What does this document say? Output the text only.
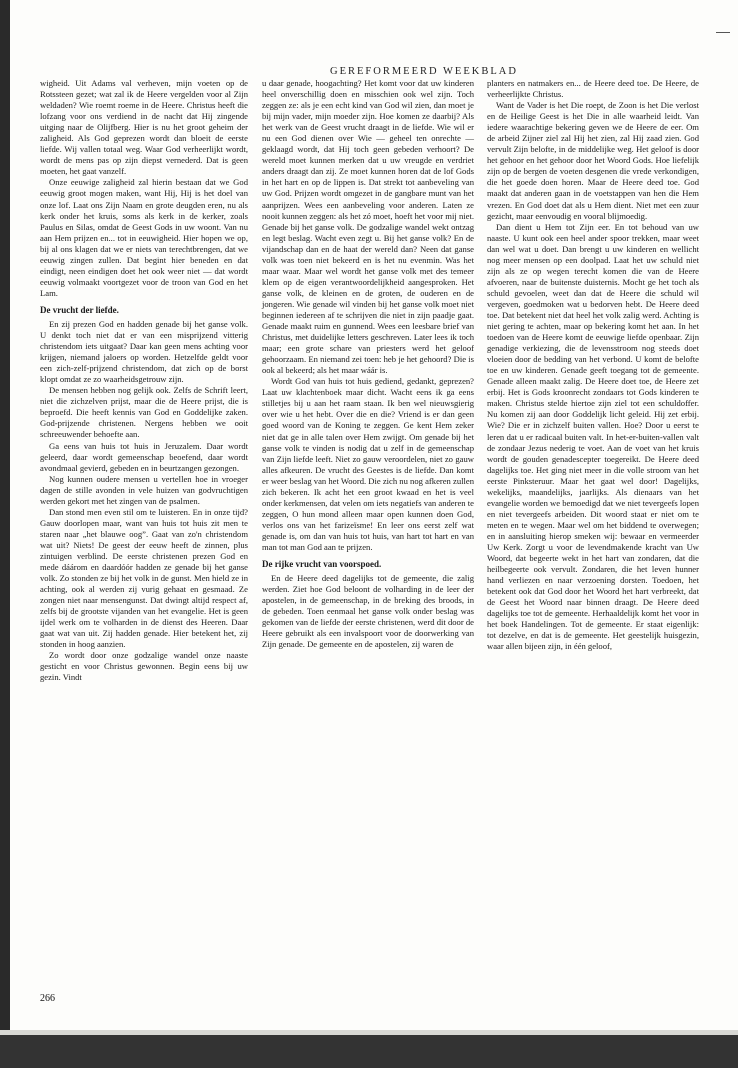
GEREFORMEERD WEEKBLAD

wigheid. Uit Adams val verheven, mijn voeten op de Rotssteen gezet; wat zal ik de Heere vergelden voor al Zijn weldaden? Wie roemt roeme in de Heere. Christus heeft die lofzang voor ons verdiend in de nacht dat Hij zingende uitging naar de Olijfberg. Hier is nu het groot geheim der zaligheid. Als God geprezen wordt dan bloeit de eerste liefde. Wij vallen totaal weg. Waar God verheerlijkt wordt, wordt de mens pas op zijn diepst vernederd. Dat is geen moeten, het gaat vanzelf.

Onze eeuwige zaligheid zal hierin bestaan dat we God eeuwig groot mogen maken, want Hij, Hij is het doel van onze lof. Laat ons Zijn Naam en grote deugden eren, nu als kerk onder het kruis, soms als kerk in de kerker, zoals Paulus en Silas, omdat de Geest Gods in uw woont. Van nu aan Hem prijzen en... tot in eeuwigheid. Hier hopen we op, bij al ons klagen dat we er niets van terechtbrengen, dat we eeuwig zingen zullen. Dat begint hier beneden en dat eindigt, neen eindigen doet het ook weer niet — dat wordt eeuwig volmaakt voortgezet voor de troon van God en het Lam.

De vrucht der liefde.

En zij prezen God en hadden genade bij het ganse volk. U denkt toch niet dat er van een misprijzend vitterig christendom iets uitgaat? Daar kan geen mens achting voor krijgen, niemand jaloers op worden. Hetzelfde geldt voor een zich-zelf-prijzend christendom, dat zich op de borst klopt omdat ze zo waarheidsgetrouw zijn.

De mensen hebben nog gelijk ook. Zelfs de Schrift leert, niet die zichzelven prijst, maar die de Heere prijst, die is beproefd. Die heeft kennis van God en Goddelijke zaken. God-prijzende christenen. Nergens hebben we ooit schreeuwender behoefte aan.

Ga eens van huis tot huis in Jeruzalem. Daar wordt geleerd, daar wordt gemeenschap beoefend, daar wordt avondmaal gevierd, gebeden en in beurtzangen gezongen.

Nog kunnen oudere mensen u vertellen hoe in vroeger dagen de stille avonden in vele huizen van godvruchtigen werden gekort met het zingen van de psalmen.

Dan stond men even stil om te luisteren. En in onze tijd? Gauw doorlopen maar, want van huis tot huis zit men te staren naar „het blauwe oog”. Gaat van zo'n christendom wat uit? Niets! De geest der eeuw heeft de zinnen, plus zintuigen verblind. De eerste christenen prezen God en mede dáárom en daardóór hadden ze genade bij het ganse volk. Zo stonden ze bij het volk in de gunst. Men hield ze in achting, ook al werden zij vurig gehaat en gesmaad. Ze zongen niet naar mensengunst. Dat dwingt altijd respect af, zelfs bij de grootste vijanden van het evangelie. Het is geen ijdel werk om te volharden in de dienst des Heeren. Daar gaat wat van uit. Zij hadden genade. Hier betekent het, zij stonden in hoog aanzien.

Zo wordt door onze godzalige wandel onze naaste gesticht en voor Christus gewonnen. Begin eens bij uw gezin. Vindt

u daar genade, hoogachting? Het komt voor dat uw kinderen heel onverschillig doen en misschien ook wel zijn. Toch zeggen ze: als je een echt kind van God wil zien, dan moet je bij mijn vader, mijn moeder zijn. Hoe komen ze daarbij? Als het werk van de Geest vrucht draagt in de liefde. Wie wil er nu een God dienen over Wie — geheel ten onrechte — geklaagd wordt, dat Hij toch geen gebeden verhoort? De wereld moet kunnen merken dat u uw vreugde en verdriet anders draagt dan zij. Ze moet kunnen horen dat de lof Gods in het hart en op de lippen is. Dat strekt tot aanbeveling van uw God. Prijzen wordt omgezet in de gangbare munt van het aanprijzen. Wees een aanbeveling voor anderen. Laten ze nooit kunnen zeggen: als het zó moet, hoeft het voor mij niet. Genade bij het ganse volk. De godzalige wandel wekt ontzag en legt beslag. Wacht even zegt u. Bij het ganse volk? En de vijandschap dan en de haat der wereld dan? Neen dat ganse volk was toen niet bekeerd en is het nu evenmin. Was het maar waar. Maar wel wordt het ganse volk met des temeer klem op de eigen verantwoordelijkheid aangesproken. Het ganse volk, de kleinen en de groten, de ouderen en de jongeren. Wie genade wil vinden bij het ganse volk moet niet beginnen iedereen af te schrijven die niet in zijn paadje gaat. Genade maakt ruim en gunnend. Wees een leesbare brief van Christus, met duidelijke letters geschreven. Later lees ik toch maar; een grote schare van priesters werd het geloof gehoorzaam. En niemand zei toen: heb je het gehoord? Die is ook al bekeerd; als het maar wáár is.

Wordt God van huis tot huis gediend, gedankt, geprezen? Laat uw klachtenboek maar dicht. Wacht eens ik ga eens stilletjes bij u aan het raam staan. Ik ben wel nieuwsgierig over wie u het hebt. Over die en die? Vriend is er dan geen goed woord van de Koning te zeggen. Ge kent Hem zeker niet dat ge in alle talen over Hem zwijgt. Om genade bij het ganse volk te vinden is nodig dat u zelf in de gemeenschap van Zijn liefde leeft. Niet zo gauw veroordelen, niet zo gauw alles afkeuren. De vrucht des Geestes is de liefde. Dan komt er weer beslag van het Woord. Die zich nu nog afkeren zullen zich bekeren. Ik acht het een groot kwaad en het is veel onder kerkmensen, dat velen om iets negatiefs van anderen te zeggen, O hun mond alleen maar open kunnen doen God, verlos ons van het farizeïsme! En leer ons eerst zelf wat genade is, om dan van huis tot huis, van hart tot hart en van man tot man God aan te prijzen.

De rijke vrucht van voorspoed.

En de Heere deed dagelijks tot de gemeente, die zalig werden. Ziet hoe God beloont de volharding in de leer der apostelen, in de gemeenschap, in de breking des broods, in de gebeden. Toen eenmaal het ganse volk onder beslag was gekomen van de liefde der eerste christenen, werd dit door de Heere gebruikt als een invalspoort voor de doorwerking van Zijn genade. De gemeente en de apostelen, zij waren de

planters en natmakers en... de Heere deed toe. De Heere, de verheerlijkte Christus.

Want de Vader is het Die roept, de Zoon is het Die verlost en de Heilige Geest is het Die in alle waarheid leidt. Van iedere waarachtige bekering geven we de Heere de eer. Om de arbeid Zijner ziel zal Hij het zien, zal Hij zaad zien. God vervult Zijn belofte, in de middelijke weg. Het geloof is door het gehoor en het gehoor door het Woord Gods. Hoe liefelijk zijn op de bergen de voeten desgenen die vrede verkondigen, die het goede doen horen. Maar de Heere deed toe. God maakt dat anderen gaan in de voetstappen van hen die Hem vrezen. En God doet dat als u Hem dient. Niet met een zuur gezicht, maar eenvoudig en vooral blijmoedig.

Dan dient u Hem tot Zijn eer. En tot behoud van uw naaste. U kunt ook een heel ander spoor trekken, maar weet dan wel wat u doet. Dan brengt u uw kinderen en wellicht nog meer mensen op een doolpad. Laat het uw schuld niet zijn als ze op wegen terecht komen die van de Heere afvoeren, naar de buitenste duisternis. Mocht ge het toch als schuld gevoelen, weet dan dat de Heere die schuld wil vergeven, goedmoken wat u bedorven hebt. De Heere deed toe. Dat betekent niet dat heel het volk zalig werd. Achting is niet gering te achten, maar op bekering komt het aan. In het toedoen van de Heere komt de eeuwige liefde openbaar. Zijn genadige verkiezing, die de levensstroom nog steeds doet vloeien door de bedding van het verbond. U komt de belofte toe en uw kinderen. Genade geeft toegang tot de gemeente. Genade alleen maakt zalig. De Heere doet toe, de Heere zet erbij. Het is Gods kroonrecht zondaars tot Gods kinderen te maken. Christus stelde hiertoe zijn ziel tot een schuldoffer. Nu komen zij aan door Goddelijk licht geleid. Hij zet erbij. Wie? Die er in zichzelf buiten vallen. Hoe? Door u eerst te leren dat u er radicaal buiten valt. In het-er-buiten-vallen valt de zondaar Jezus nederig te voet. Aan de voet van het kruis wordt de gouden genadescepter toegereikt. De Heere deed dagelijks toe. Het ging niet meer in die volle stroom van het eerste Pinksteruur. Maar het gaat wel door! Dagelijks, wekelijks, maandelijks, jaarlijks. Als dienaars van het evangelie worden we bemoedigd dat we niet tevergeefs lopen en niet tevergeefs arbeiden. Dit woord staat er niet om te meten en te wegen. Maar wel om het biddend te overwegen; en in aansluiting hierop smeken wij: bewaar en vermeerder Uw Kerk. Zorgt u voor de levendmakende kracht van Uw Woord, dat begeerte wekt in het hart van zondaren, dat die heilbegeerte ook vervult. Zondaren, die het leven hunner hand verliezen en naar verzoening dorsten. Toedoen, het betekent ook dat God door het Woord het hart verbreekt, dat de Geest het Woord naar binnen draagt. De Heere deed dagelijks toe tot de gemeente. Herhaaldelijk komt het voor in het boek Handelingen. Tot de gemeente. Er staat eigenlijk: tot dezelve, en dat is de gemeente. Het geestelijk huisgezin, waar allen bijeen zijn, in één geloof,

266
